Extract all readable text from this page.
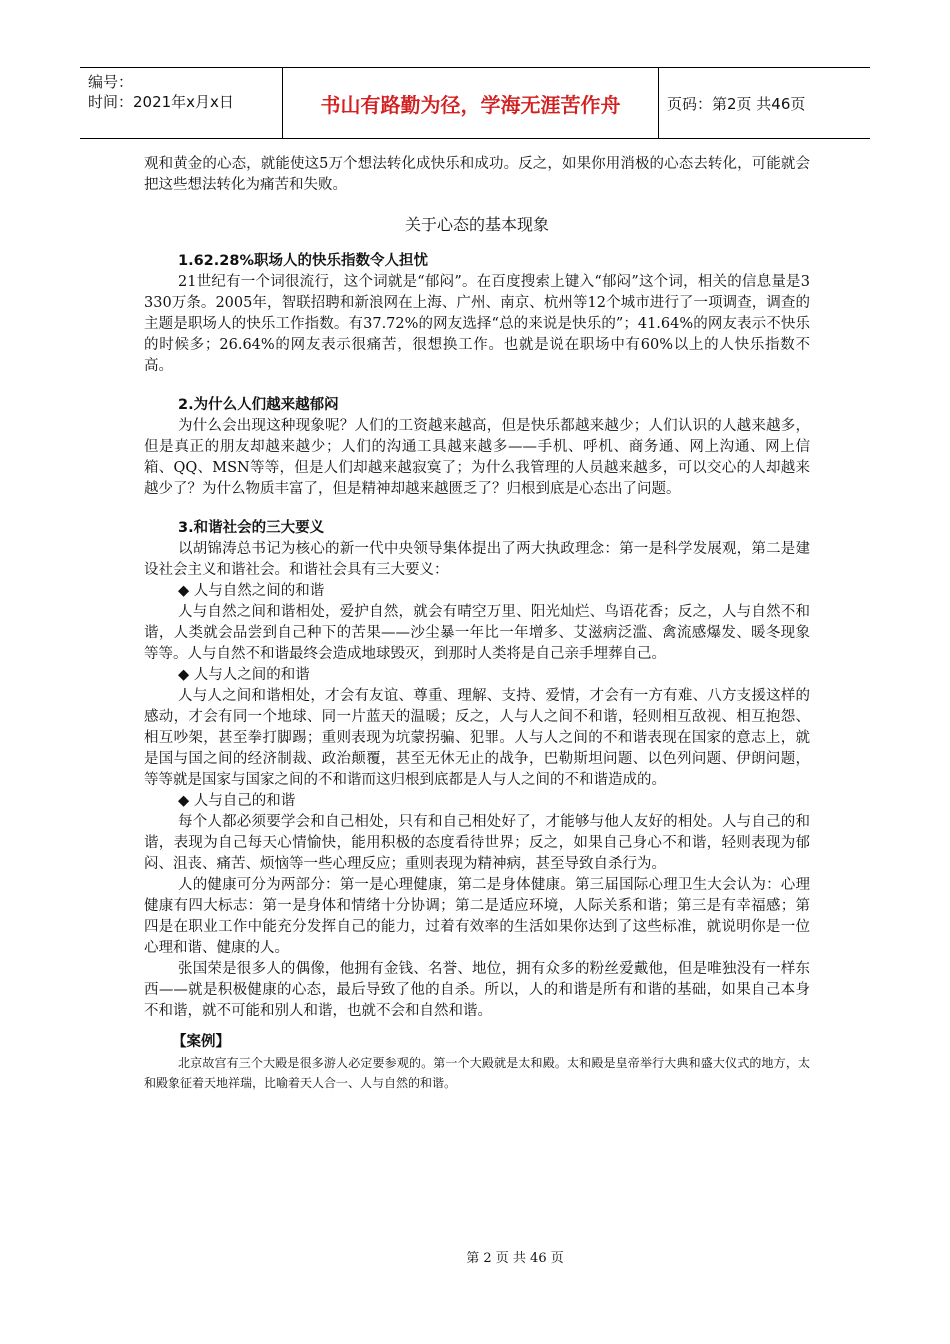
编号：
时间：2021年x月x日	书山有路勤为径，学海无涯苦作舟	页码：第2页 共46页

观和黄金的心态，就能使这5万个想法转化成快乐和成功。反之，如果你用消极的心态去转化，可能就会把这些想法转化为痛苦和失败。

关于心态的基本现象

1.62.28%职场人的快乐指数令人担忧

21世纪有一个词很流行，这个词就是“郁闷”。在百度搜索上键入“郁闷”这个词，相关的信息量是3 330万条。2005年，智联招聘和新浪网在上海、广州、南京、杭州等12个城市进行了一项调查，调查的主题是职场人的快乐工作指数。有37.72%的网友选择“总的来说是快乐的”；41.64%的网友表示不快乐的时候多；26.64%的网友表示很痛苦，很想换工作。也就是说在职场中有60%以上的人快乐指数不高。

2.为什么人们越来越郁闷

为什么会出现这种现象呢？人们的工资越来越高，但是快乐都越来越少；人们认识的人越来越多，但是真正的朋友却越来越少；人们的沟通工具越来越多——手机、呼机、商务通、网上沟通、网上信箱、QQ、MSN等等，但是人们却越来越寂寞了；为什么我管理的人员越来越多，可以交心的人却越来越少了？为什么物质丰富了，但是精神却越来越匮乏了？归根到底是心态出了问题。

3.和谐社会的三大要义

以胡锦涛总书记为核心的新一代中央领导集体提出了两大执政理念：第一是科学发展观，第二是建设社会主义和谐社会。和谐社会具有三大要义：

◆ 人与自然之间的和谐

人与自然之间和谐相处，爱护自然，就会有晴空万里、阳光灿烂、鸟语花香；反之，人与自然不和谐，人类就会品尝到自己种下的苦果——沙尘暴一年比一年增多、艾滋病泛滥、禽流感爆发、暖冬现象等等。人与自然不和谐最终会造成地球毁灭，到那时人类将是自己亲手埋葬自己。

◆ 人与人之间的和谐

人与人之间和谐相处，才会有友谊、尊重、理解、支持、爱情，才会有一方有难、八方支援这样的感动，才会有同一个地球、同一片蓝天的温暖；反之，人与人之间不和谐，轻则相互敌视、相互抱怨、相互吵架，甚至拳打脚踢；重则表现为坑蒙拐骗、犯罪。人与人之间的不和谐表现在国家的意志上，就是国与国之间的经济制裁、政治颠覆，甚至无休无止的战争，巴勒斯坦问题、以色列问题、伊朗问题，等等就是国家与国家之间的不和谐而这归根到底都是人与人之间的不和谐造成的。

◆ 人与自己的和谐

每个人都必须要学会和自己相处，只有和自己相处好了，才能够与他人友好的相处。人与自己的和谐，表现为自己每天心情愉快，能用积极的态度看待世界；反之，如果自己身心不和谐，轻则表现为郁闷、沮丧、痛苦、烦恼等一些心理反应；重则表现为精神病，甚至导致自杀行为。

人的健康可分为两部分：第一是心理健康，第二是身体健康。第三届国际心理卫生大会认为：心理健康有四大标志：第一是身体和情绪十分协调；第二是适应环境，人际关系和谐；第三是有幸福感；第四是在职业工作中能充分发挥自己的能力，过着有效率的生活如果你达到了这些标准，就说明你是一位心理和谐、健康的人。

张国荣是很多人的偶像，他拥有金钱、名誉、地位，拥有众多的粉丝爱戴他，但是唯独没有一样东西——就是积极健康的心态，最后导致了他的自杀。所以，人的和谐是所有和谐的基础，如果自己本身不和谐，就不可能和别人和谐，也就不会和自然和谐。

【案例】

北京故宫有三个大殿是很多游人必定要参观的。第一个大殿就是太和殿。太和殿是皇帝举行大典和盛大仪式的地方，太和殿象征着天地祥瑞，比喻着天人合一、人与自然的和谐。

第 2 页 共 46 页
